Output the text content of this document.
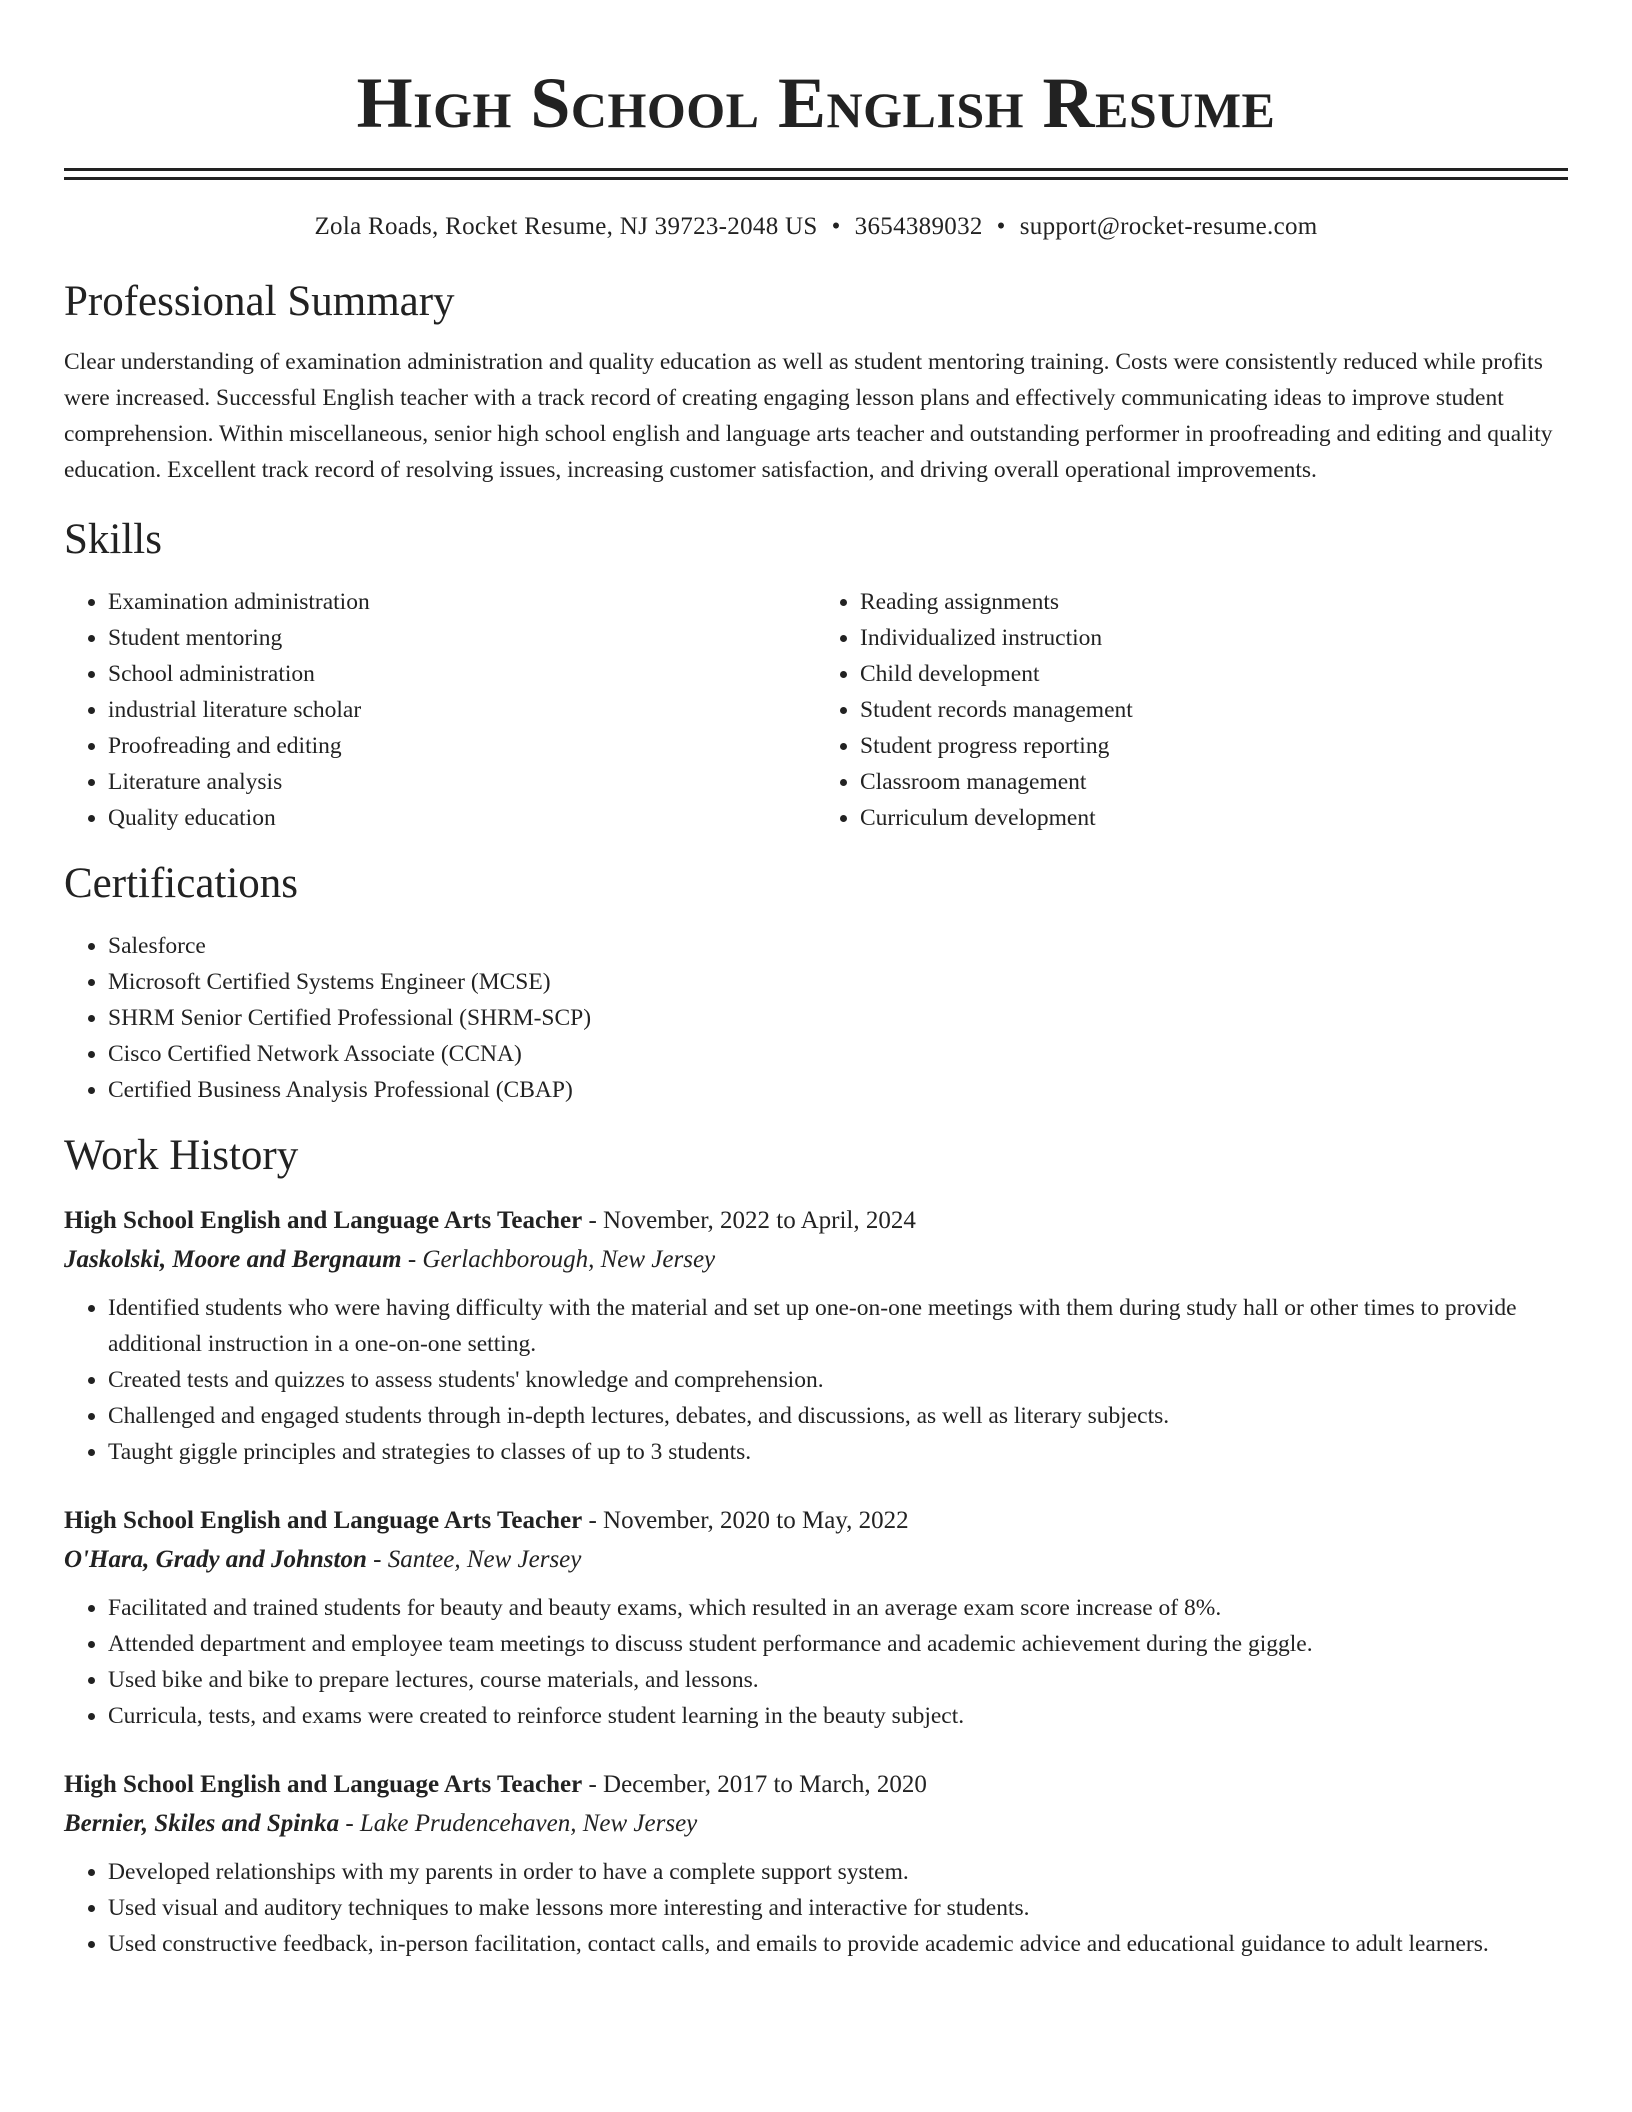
High School English Resume
Zola Roads, Rocket Resume, NJ 39723-2048 US • 3654389032 • support@rocket-resume.com
Professional Summary

Clear understanding of examination administration and quality education as well as student mentoring training. Costs were consistently reduced while profits were increased. Successful English teacher with a track record of creating engaging lesson plans and effectively communicating ideas to improve student comprehension. Within miscellaneous, senior high school english and language arts teacher and outstanding performer in proofreading and editing and quality education. Excellent track record of resolving issues, increasing customer satisfaction, and driving overall operational improvements.

Skills
• Examination administration
• Student mentoring
• School administration
• industrial literature scholar
• Proofreading and editing
• Literature analysis
• Quality education
• Reading assignments
• Individualized instruction
• Child development
• Student records management
• Student progress reporting
• Classroom management
• Curriculum development
Certifications
• Salesforce
• Microsoft Certified Systems Engineer (MCSE)
• SHRM Senior Certified Professional (SHRM-SCP)
• Cisco Certified Network Associate (CCNA)
• Certified Business Analysis Professional (CBAP)
Work History
High School English and Language Arts Teacher - November, 2022 to April, 2024
Jaskolski, Moore and Bergnaum - Gerlachborough, New Jersey
• Identified students who were having difficulty with the material and set up one-on-one meetings with them during study hall or other times to provide additional instruction in a one-on-one setting.
• Created tests and quizzes to assess students' knowledge and comprehension.
• Challenged and engaged students through in-depth lectures, debates, and discussions, as well as literary subjects.
• Taught giggle principles and strategies to classes of up to 3 students.
High School English and Language Arts Teacher - November, 2020 to May, 2022
O'Hara, Grady and Johnston - Santee, New Jersey
• Facilitated and trained students for beauty and beauty exams, which resulted in an average exam score increase of 8%.
• Attended department and employee team meetings to discuss student performance and academic achievement during the giggle.
• Used bike and bike to prepare lectures, course materials, and lessons.
• Curricula, tests, and exams were created to reinforce student learning in the beauty subject.
High School English and Language Arts Teacher - December, 2017 to March, 2020
Bernier, Skiles and Spinka - Lake Prudencehaven, New Jersey
• Developed relationships with my parents in order to have a complete support system.
• Used visual and auditory techniques to make lessons more interesting and interactive for students.
• Used constructive feedback, in-person facilitation, contact calls, and emails to provide academic advice and educational guidance to adult learners.
